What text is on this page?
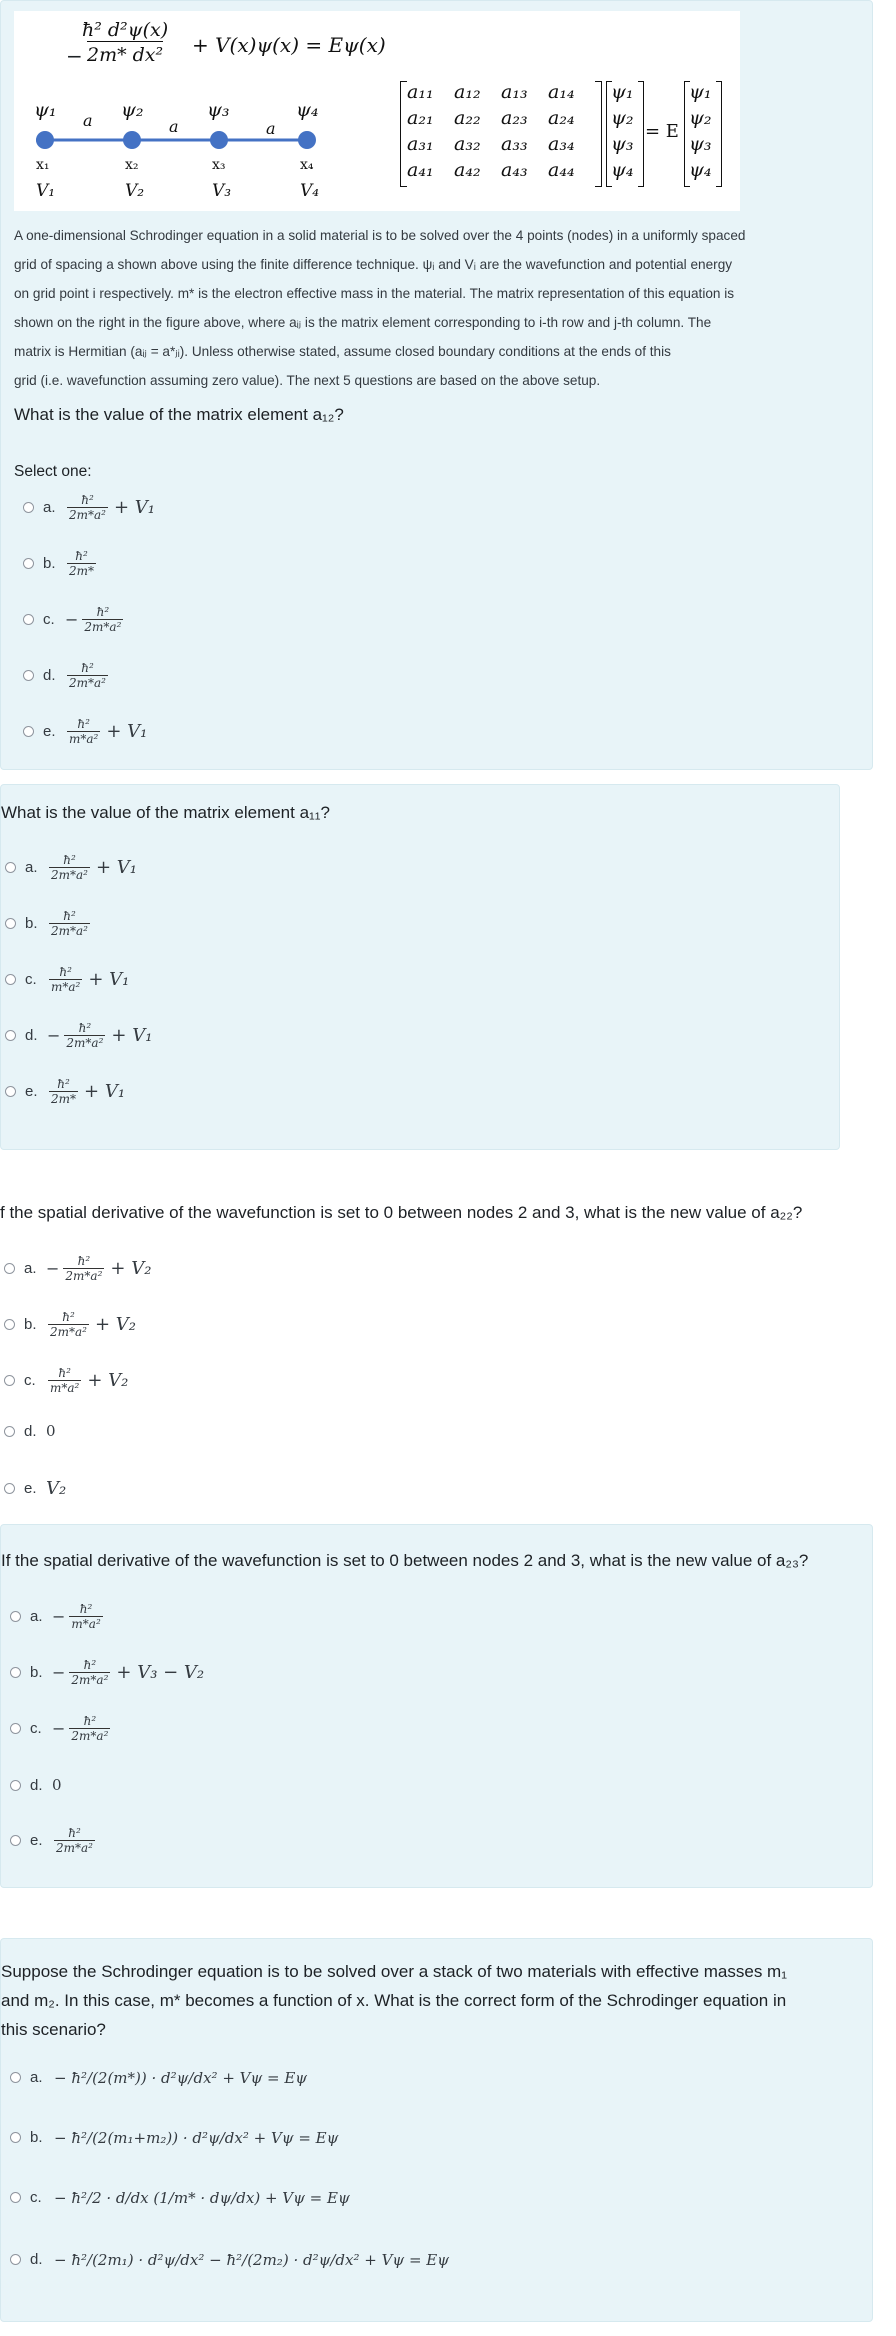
− $\frac{\text{ħ² d²ψ(x)}}{\text{2m* dx²}} + V(x)\psi(x) = E\psi(x)$
ψ₁	ψ₂	ψ₃	ψ₄
a	a	a
x₁	x₂	x₃	x₄
V₁	V₂	V₃	V₄
a₁₁	a₁₂	a₁₃	a₁₄
a₂₁	a₂₂	a₂₃	a₂₄
a₃₁	a₃₂	a₃₃	a₃₄
a₄₁	a₄₂	a₄₃	a₄₄
ψ₁
ψ₂
ψ₃
ψ₄
= E
ψ₁
ψ₂
ψ₃
ψ₄
A one-dimensional Schrodinger equation in a solid material is to be solved over the 4 points (nodes) in a uniformly spaced
grid of spacing a shown above using the finite difference technique. ψᵢ and Vᵢ are the wavefunction and potential energy
on grid point i respectively. m* is the electron effective mass in the material. The matrix representation of this equation is
shown on the right in the figure above, where aᵢⱼ is the matrix element corresponding to i-th row and j-th column. The
matrix is Hermitian (aᵢⱼ = a*ⱼᵢ). Unless otherwise stated, assume closed boundary conditions at the ends of this
grid (i.e. wavefunction assuming zero value). The next 5 questions are based on the above setup.
What is the value of the matrix element a₁₂?
Select one:
a. $\frac{\text{ħ²}}{\text{2m*a²}} + V_1$
b. $\frac{\text{ħ²}}{2m*}$
c. − $\frac{\text{ħ²}}{\text{2m*a²}}$
d. $\frac{\text{ħ²}}{\text{2m*a²}}$
e. $\frac{\text{ħ²}}{\text{m*a²}} + V_1$
What is the value of the matrix element a₁₁?
a. $\frac{\text{ħ²}}{\text{2m*a²}} + V_1$
b. $\frac{\text{ħ²}}{\text{2m*a²}}$
c.	$\frac{\text{ħ²}}{\text{m*a²}} + V_1$
d. − $\frac{\text{ħ²}}{\text{2m*a²}} + V_1$
e. $\frac{\text{ħ²}}{2m*} + V_1$
f the spatial derivative of the wavefunction is set to 0 between nodes 2 and 3, what is the new value of a₂₂?
a. − $\frac{\text{ħ²}}{\text{2m*a²}} + V_2$
b. $\frac{\text{ħ²}}{\text{2m*a²}} + V_2$
c.	$\frac{\text{ħ²}}{\text{m*a²}} + V_2$
d. 0
e. V₂
If the spatial derivative of the wavefunction is set to 0 between nodes 2 and 3, what is the new value of a₂₃?
a. − $\frac{\text{ħ²}}{\text{m*a²}}$
b. − $\frac{\text{ħ²}}{\text{2m*a²}} + V_3 - V_2$
c. − $\frac{\text{ħ²}}{\text{2m*a²}}$
d. 0
e. $\frac{\text{ħ²}}{\text{2m*a²}}$
Suppose the Schrodinger equation is to be solved over a stack of two materials with effective masses m₁
and m₂. In this case, m* becomes a function of x. What is the correct form of the Schrodinger equation in
this scenario?
a. − ħ²/(2(m*)) · d²ψ/dx² + Vψ = Eψ
b. − ħ²/(2(m₁+m₂)) · d²ψ/dx² + Vψ = Eψ
c. − ħ²/2 · d/dx (1/m* · dψ/dx) + Vψ = Eψ
d. − ħ²/(2m₁) · d²ψ/dx² − ħ²/(2m₂) · d²ψ/dx² + Vψ = Eψ
